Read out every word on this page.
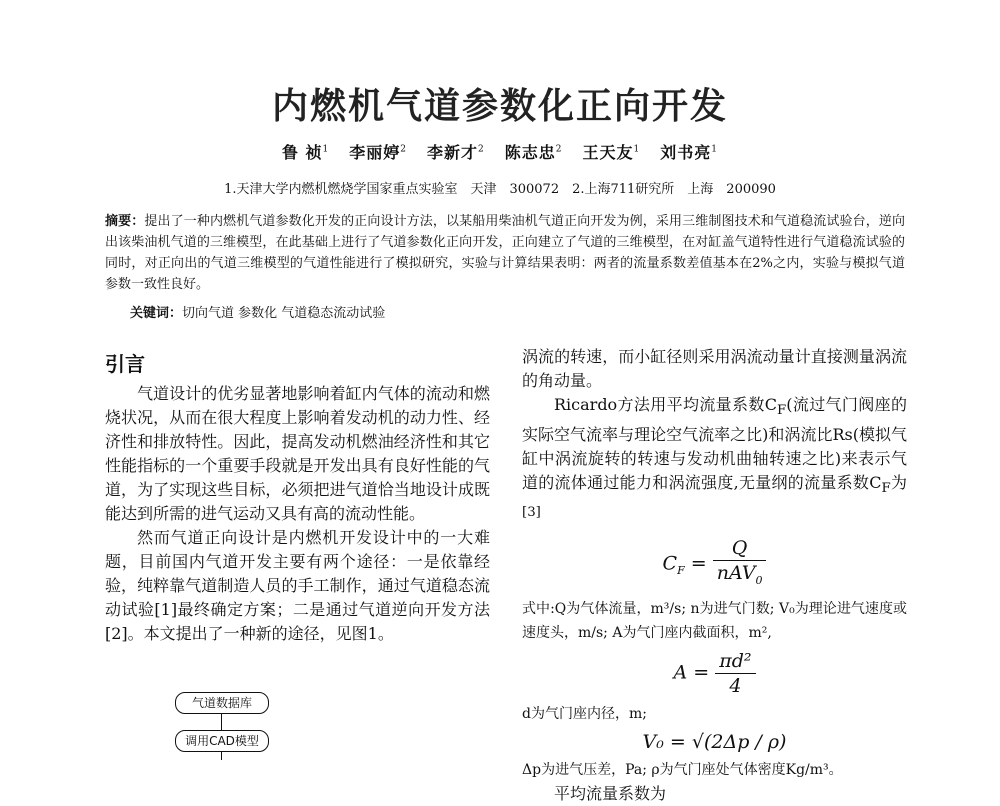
内燃机气道参数化正向开发
鲁 祯$^1$ 李丽婷$^2$ 李新才$^2$ 陈志忠$^2$ 王天友$^1$ 刘书亮$^1$
1.天津大学内燃机燃烧学国家重点实验室　天津　300072　2.上海711研究所　上海　200090
摘要：提出了一种内燃机气道参数化开发的正向设计方法，以某船用柴油机气道正向开发为例，采用三维制图技术和气道稳流试验台，逆向出该柴油机气道的三维模型，在此基础上进行了气道参数化正向开发，正向建立了气道的三维模型，在对缸盖气道特性进行气道稳流试验的同时，对正向出的气道三维模型的气道性能进行了模拟研究，实验与计算结果表明：两者的流量系数差值基本在2%之内，实验与模拟气道参数一致性良好。
关键词：切向气道 参数化 气道稳态流动试验
引言

气道设计的优劣显著地影响着缸内气体的流动和燃烧状况，从而在很大程度上影响着发动机的动力性、经济性和排放特性。因此，提高发动机燃油经济性和其它性能指标的一个重要手段就是开发出具有良好性能的气道，为了实现这些目标，必须把进气道恰当地设计成既能达到所需的进气运动又具有高的流动性能。

然而气道正向设计是内燃机开发设计中的一大难题，目前国内气道开发主要有两个途径：一是依靠经验，纯粹靠气道制造人员的手工制作，通过气道稳态流动试验[1]最终确定方案；二是通过气道逆向开发方法[2]。本文提出了一种新的途径，见图1。

气道数据库
调用CAD模型

涡流的转速，而小缸径则采用涡流动量计直接测量涡流的角动量。

Ricardo方法用平均流量系数$C_F$(流过气门阀座的实际空气流率与理论空气流率之比)和涡流比Rs(模拟气缸中涡流旋转的转速与发动机曲轴转速之比)来表示气道的流体通过能力和涡流强度,无量纲的流量系数$C_F$为[3]

$C_F = \frac{Q}{nAV_0}$

式中:Q为气体流量，m³/s; n为进气门数; V₀为理论进气速度或速度头，m/s; A为气门座内截面积，m²,

$A = \frac{\text{πd²}}{4}$

d为气门座内径，m;

V₀ = √(2Δp / ρ)

Δp为进气压差，Pa; ρ为气门座处气体密度Kg/m³。

平均流量系数为
